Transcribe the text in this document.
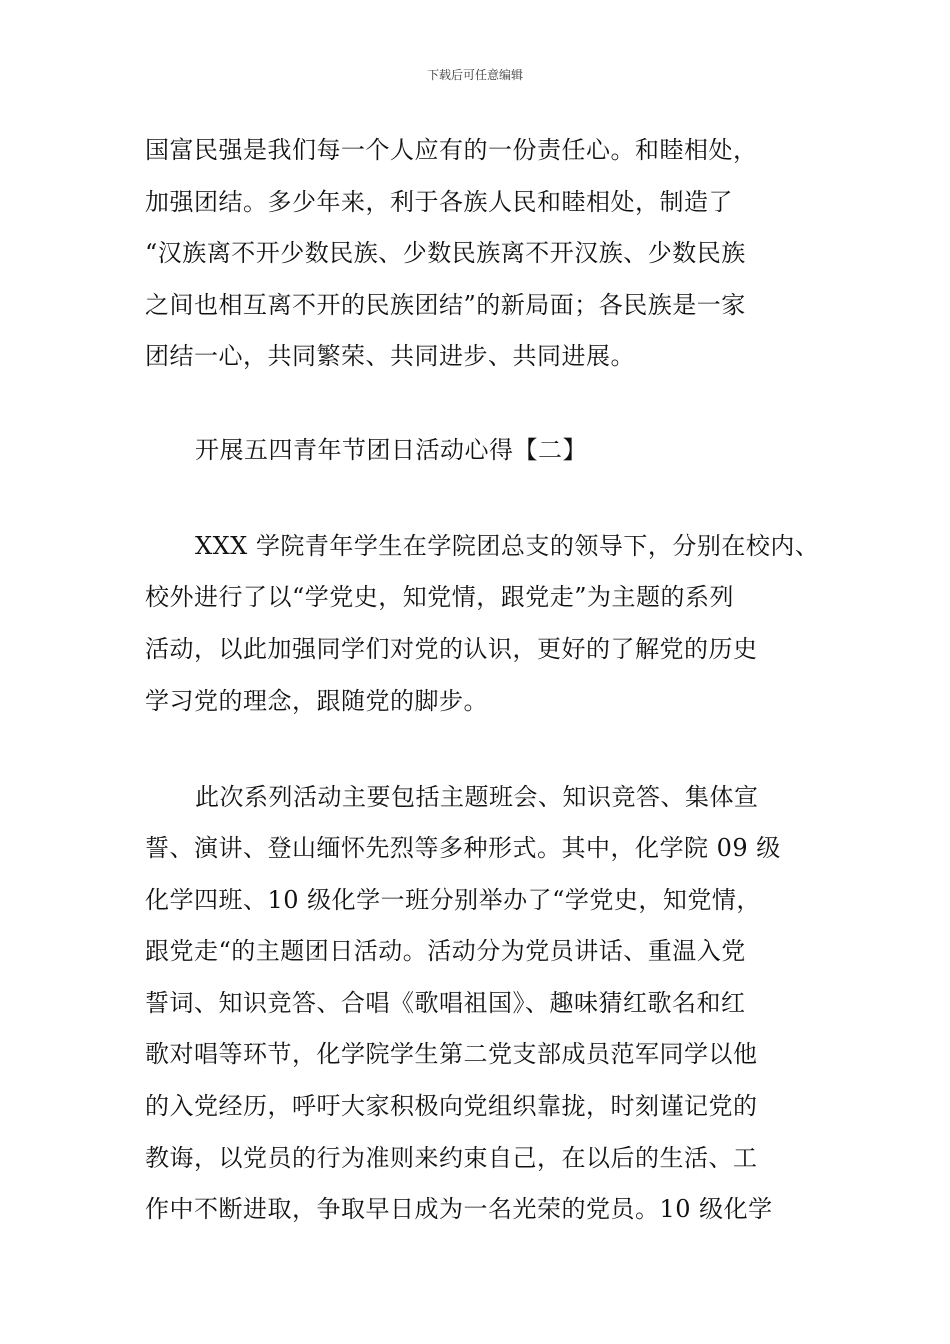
下载后可任意编辑
国富民强是我们每一个人应有的一份责任心。和睦相处，
加强团结。多少年来，利于各族人民和睦相处，制造了
“汉族离不开少数民族、少数民族离不开汉族、少数民族
之间也相互离不开的民族团结”的新局面；各民族是一家
团结一心，共同繁荣、共同进步、共同进展。
开展五四青年节团日活动心得【二】
XXX 学院青年学生在学院团总支的领导下，分别在校内、
校外进行了以“学党史，知党情，跟党走”为主题的系列
活动，以此加强同学们对党的认识，更好的了解党的历史
学习党的理念，跟随党的脚步。
此次系列活动主要包括主题班会、知识竞答、集体宣
誓、演讲、登山缅怀先烈等多种形式。其中，化学院 09 级
化学四班、10 级化学一班分别举办了“学党史，知党情，
跟党走“的主题团日活动。活动分为党员讲话、重温入党
誓词、知识竞答、合唱《歌唱祖国》、趣味猜红歌名和红
歌对唱等环节，化学院学生第二党支部成员范军同学以他
的入党经历，呼吁大家积极向党组织靠拢，时刻谨记党的
教诲，以党员的行为准则来约束自己，在以后的生活、工
作中不断进取，争取早日成为一名光荣的党员。10 级化学
